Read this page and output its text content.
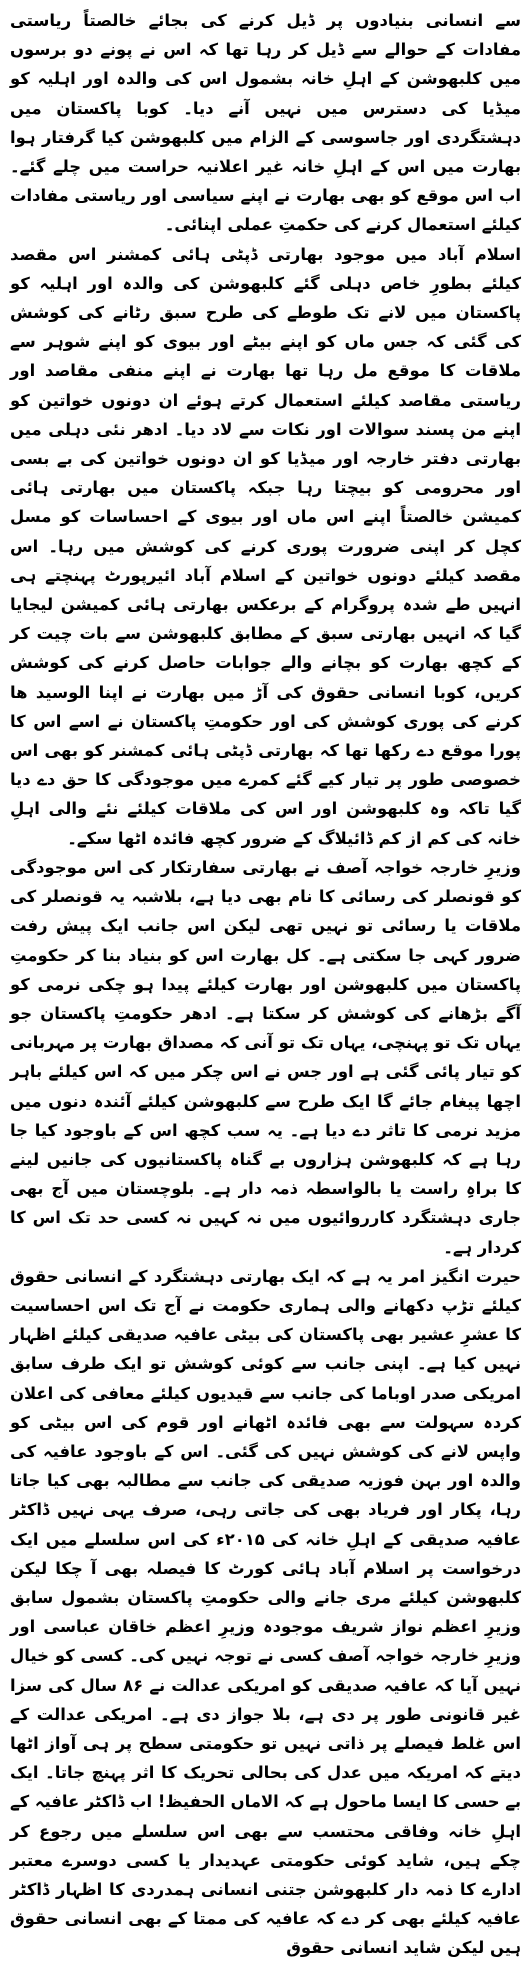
سے انسانی بنیادوں پر ڈیل کرنے کی بجائے خالصتاً ریاستی مفادات کے حوالے سے ڈیل کر رہا تھا کہ اس نے پونے دو برسوں میں کلبھوشن کے اہلِ خانہ بشمول اس کی والدہ اور اہلیہ کو میڈیا کی دسترس میں نہیں آنے دیا۔ کوبا پاکستان میں دہشتگردی اور جاسوسی کے الزام میں کلبھوشن کیا گرفتار ہوا بھارت میں اس کے اہلِ خانہ غیر اعلانیہ حراست میں چلے گئے۔ اب اس موقع کو بھی بھارت نے اپنے سیاسی اور ریاستی مفادات کیلئے استعمال کرنے کی حکمتِ عملی اپنائی۔

اسلام آباد میں موجود بھارتی ڈپٹی ہائی کمشنر اس مقصد کیلئے بطورِ خاص دہلی گئے کلبھوشن کی والدہ اور اہلیہ کو پاکستان میں لانے تک طوطے کی طرح سبق رٹانے کی کوشش کی گئی کہ جس ماں کو اپنے بیٹے اور بیوی کو اپنے شوہر سے ملاقات کا موقع مل رہا تھا بھارت نے اپنے منفی مقاصد اور ریاستی مقاصد کیلئے استعمال کرتے ہوئے ان دونوں خواتین کو اپنے من پسند سوالات اور نکات سے لاد دیا۔ ادھر نئی دہلی میں بھارتی دفتر خارجہ اور میڈیا کو ان دونوں خواتین کی بے بسی اور محرومی کو بیچتا رہا جبکہ پاکستان میں بھارتی ہائی کمیشن خالصتاً اپنے اس ماں اور بیوی کے احساسات کو مسل کچل کر اپنی ضرورت پوری کرنے کی کوشش میں رہا۔ اس مقصد کیلئے دونوں خواتین کے اسلام آباد ائیرپورٹ پہنچتے ہی انہیں طے شدہ پروگرام کے برعکس بھارتی ہائی کمیشن لیجایا گیا کہ انہیں بھارتی سبق کے مطابق کلبھوشن سے بات چیت کر کے کچھ بھارت کو بچانے والے جوابات حاصل کرنے کی کوشش کریں، کوبا انسانی حقوق کی آڑ میں بھارت نے اپنا الوسید ھا کرنے کی پوری کوشش کی اور حکومتِ پاکستان نے اسے اس کا پورا موقع دے رکھا تھا کہ بھارتی ڈپٹی ہائی کمشنر کو بھی اس خصوصی طور پر تیار کیے گئے کمرے میں موجودگی کا حق دے دیا گیا تاکہ وہ کلبھوشن اور اس کی ملاقات کیلئے نئے والی اہلِ خانہ کی کم از کم ڈائیلاگ کے ضرور کچھ فائدہ اٹھا سکے۔

وزیرِ خارجہ خواجہ آصف نے بھارتی سفارتکار کی اس موجودگی کو قونصلر کی رسائی کا نام بھی دیا ہے، بلاشبہ یہ قونصلر کی ملاقات یا رسائی تو نہیں تھی لیکن اس جانب ایک پیش رفت ضرور کہی جا سکتی ہے۔ کل بھارت اس کو بنیاد بنا کر حکومتِ پاکستان میں کلبھوشن اور بھارت کیلئے پیدا ہو چکی نرمی کو آگے بڑھانے کی کوشش کر سکتا ہے۔ ادھر حکومتِ پاکستان جو یہاں تک تو پہنچی، یہاں تک تو آنی کہ مصداق بھارت پر مہربانی کو تیار پائی گئی ہے اور جس نے اس چکر میں کہ اس کیلئے باہر اچھا پیغام جائے گا ایک طرح سے کلبھوشن کیلئے آئندہ دنوں میں مزید نرمی کا تاثر دے دیا ہے۔ یہ سب کچھ اس کے باوجود کیا جا رہا ہے کہ کلبھوشن ہزاروں بے گناہ پاکستانیوں کی جانیں لینے کا براہِ راست یا بالواسطہ ذمہ دار ہے۔ بلوچستان میں آج بھی جاری دہشتگرد کارروائیوں میں نہ کہیں نہ کسی حد تک اس کا کردار ہے۔

حیرت انگیز امر یہ ہے کہ ایک بھارتی دہشتگرد کے انسانی حقوق کیلئے تڑپ دکھانے والی ہماری حکومت نے آج تک اس احساسیت کا عشرِ عشیر بھی پاکستان کی بیٹی عافیہ صدیقی کیلئے اظہار نہیں کیا ہے۔ اپنی جانب سے کوئی کوشش تو ایک طرف سابق امریکی صدر اوباما کی جانب سے قیدیوں کیلئے معافی کی اعلان کردہ سہولت سے بھی فائدہ اٹھانے اور قوم کی اس بیٹی کو واپس لانے کی کوشش نہیں کی گئی۔ اس کے باوجود عافیہ کی والدہ اور بہن فوزیہ صدیقی کی جانب سے مطالبہ بھی کیا جاتا رہا، پکار اور فریاد بھی کی جاتی رہی، صرف یہی نہیں ڈاکٹر عافیہ صدیقی کے اہلِ خانہ کی ۲۰۱۵ء کی اس سلسلے میں ایک درخواست پر اسلام آباد ہائی کورٹ کا فیصلہ بھی آ چکا لیکن کلبھوشن کیلئے مری جانے والی حکومتِ پاکستان بشمول سابق وزیرِ اعظم نواز شریف موجودہ وزیرِ اعظم خاقان عباسی اور وزیرِ خارجہ خواجہ آصف کسی نے توجہ نہیں کی۔ کسی کو خیال نہیں آیا کہ عافیہ صدیقی کو امریکی عدالت نے ۸۶ سال کی سزا غیر قانونی طور پر دی ہے، بلا جواز دی ہے۔ امریکی عدالت کے اس غلط فیصلے پر ذاتی نہیں تو حکومتی سطح پر ہی آواز اٹھا دیتے کہ امریکہ میں عدل کی بحالی تحریک کا اثر پہنچ جاتا۔ ایک بے حسی کا ایسا ماحول ہے کہ الاماں الحفیظ! اب ڈاکٹر عافیہ کے اہلِ خانہ وفاقی محتسب سے بھی اس سلسلے میں رجوع کر چکے ہیں، شاید کوئی حکومتی عہدیدار یا کسی دوسرے معتبر ادارے کا ذمہ دار کلبھوشن جتنی انسانی ہمدردی کا اظہار ڈاکٹر عافیہ کیلئے بھی کر دے کہ عافیہ کی ممتا کے بھی انسانی حقوق ہیں لیکن شاید انسانی حقوق
